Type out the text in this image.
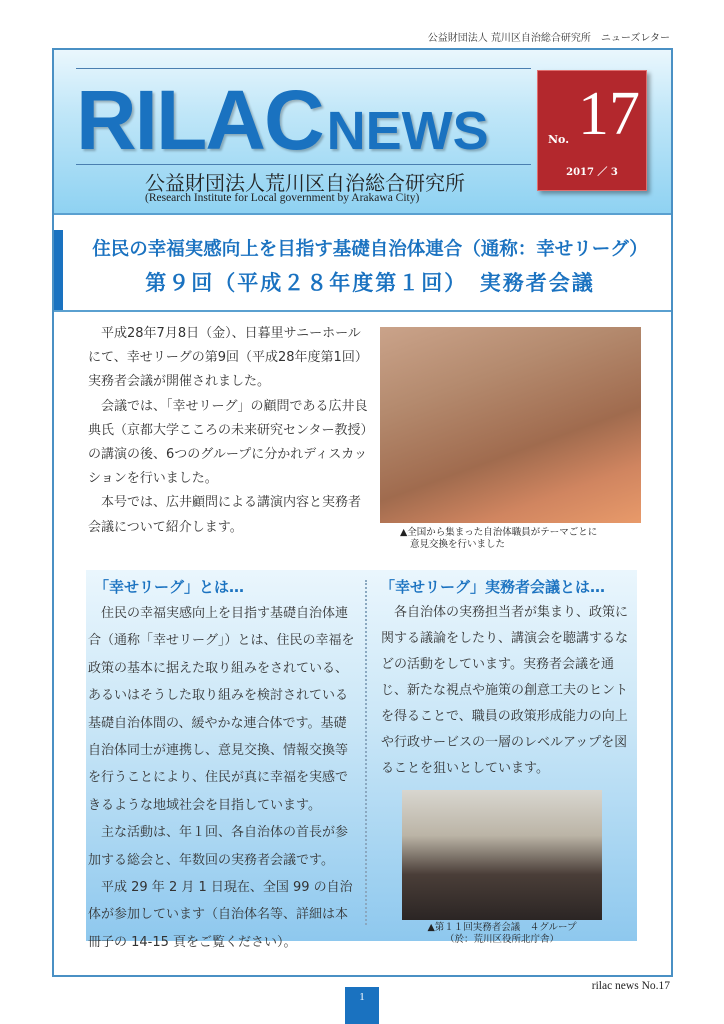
公益財団法人 荒川区自治総合研究所　ニューズレター
RILACNEWS	No. 17
2017 ／ 3
公益財団法人荒川区自治総合研究所
(Research Institute for Local government by Arakawa City)
住民の幸福実感向上を目指す基礎自治体連合（通称：幸せリーグ）
第９回（平成２８年度第１回）　実務者会議

平成28年7月8日（金）、日暮里サニーホールにて、幸せリーグの第9回（平成28年度第1回）実務者会議が開催されました。

会議では、「幸せリーグ」の顧問である広井良典氏（京都大学こころの未来研究センター教授）の講演の後、6つのグループに分かれディスカッションを行いました。

本号では、広井顧問による講演内容と実務者会議について紹介します。	▲全国から集まった自治体職員がテーマごとに
意見交換を行いました
「幸せリーグ」とは…

住民の幸福実感向上を目指す基礎自治体連合（通称「幸せリーグ」）とは、住民の幸福を政策の基本に据えた取り組みをされている、あるいはそうした取り組みを検討されている基礎自治体間の、緩やかな連合体です。基礎自治体同士が連携し、意見交換、情報交換等を行うことにより、住民が真に幸福を実感できるような地域社会を目指しています。

主な活動は、年１回、各自治体の首長が参加する総会と、年数回の実務者会議です。

平成 29 年 2 月 1 日現在、全国 99 の自治体が参加しています（自治体名等、詳細は本冊子の 14-15 頁をご覧ください）。

「幸せリーグ」実務者会議とは…

各自治体の実務担当者が集まり、政策に関する議論をしたり、講演会を聴講するなどの活動をしています。実務者会議を通じ、新たな視点や施策の創意工夫のヒントを得ることで、職員の政策形成能力の向上や行政サービスの一層のレベルアップを図ることを狙いとしています。

▲第１１回実務者会議　４グループ
（於：荒川区役所北庁舎）
rilac news No.17
1
